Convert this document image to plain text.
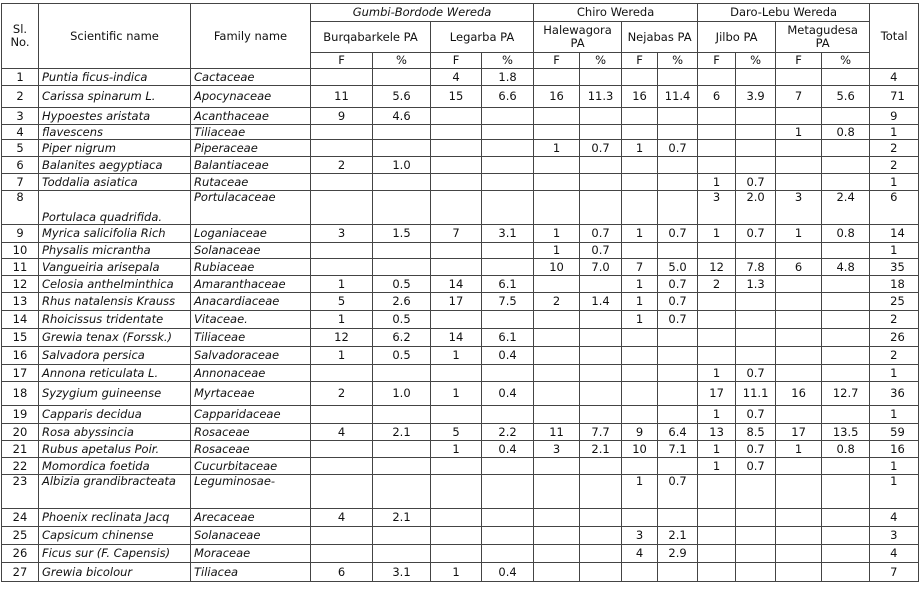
Sl. No.	Scientific name	Family name	Gumbi-Bordode Wereda				Chiro Wereda				Daro-Lebu Wereda				Total
			Burqabarkele PA		Legarba PA		Halewagora PA		Nejabas PA		Jilbo PA		Metagudesa PA		
			F	%	F	%	F	%	F	%	F	%	F	%	
1	Puntia ficus-indica	Cactaceae			4	1.8									4
2	Carissa spinarum L.	Apocynaceae	11	5.6	15	6.6	16	11.3	16	11.4	6	3.9	7	5.6	71
3	Hypoestes aristata	Acanthaceae	9	4.6											9
4	flavescens	Tiliaceae											1	0.8	1
5	Piper nigrum	Piperaceae					1	0.7	1	0.7					2
6	Balanites aegyptiaca	Balantiaceae	2	1.0											2
7	Toddalia asiatica	Rutaceae									1	0.7			1
8	Portulaca quadrifida.	Portulacaceae									3	2.0	3	2.4	6
9	Myrica salicifolia Rich	Loganiaceae	3	1.5	7	3.1	1	0.7	1	0.7	1	0.7	1	0.8	14
10	Physalis micrantha	Solanaceae					1	0.7							1
11	Vangueiria arisepala	Rubiaceae					10	7.0	7	5.0	12	7.8	6	4.8	35
12	Celosia anthelminthica	Amaranthaceae	1	0.5	14	6.1			1	0.7	2	1.3			18
13	Rhus natalensis Krauss	Anacardiaceae	5	2.6	17	7.5	2	1.4	1	0.7					25
14	Rhoicissus tridentate	Vitaceae.	1	0.5					1	0.7					2
15	Grewia tenax (Forssk.)	Tiliaceae	12	6.2	14	6.1									26
16	Salvadora persica	Salvadoraceae	1	0.5	1	0.4									2
17	Annona reticulata L.	Annonaceae									1	0.7			1
18	Syzygium guineense	Myrtaceae	2	1.0	1	0.4					17	11.1	16	12.7	36
19	Capparis decidua	Capparidaceae									1	0.7			1
20	Rosa abyssincia	Rosaceae	4	2.1	5	2.2	11	7.7	9	6.4	13	8.5	17	13.5	59
21	Rubus apetalus Poir.	Rosaceae			1	0.4	3	2.1	10	7.1	1	0.7	1	0.8	16
22	Momordica foetida	Cucurbitaceae									1	0.7			1
23	Albizia grandibracteata	Leguminosae-							1	0.7					1
24	Phoenix reclinata Jacq	Arecaceae	4	2.1											4
25	Capsicum chinense	Solanaceae							3	2.1					3
26	Ficus sur (F. Capensis)	Moraceae							4	2.9					4
27	Grewia bicolour	Tiliacea	6	3.1	1	0.4									7
